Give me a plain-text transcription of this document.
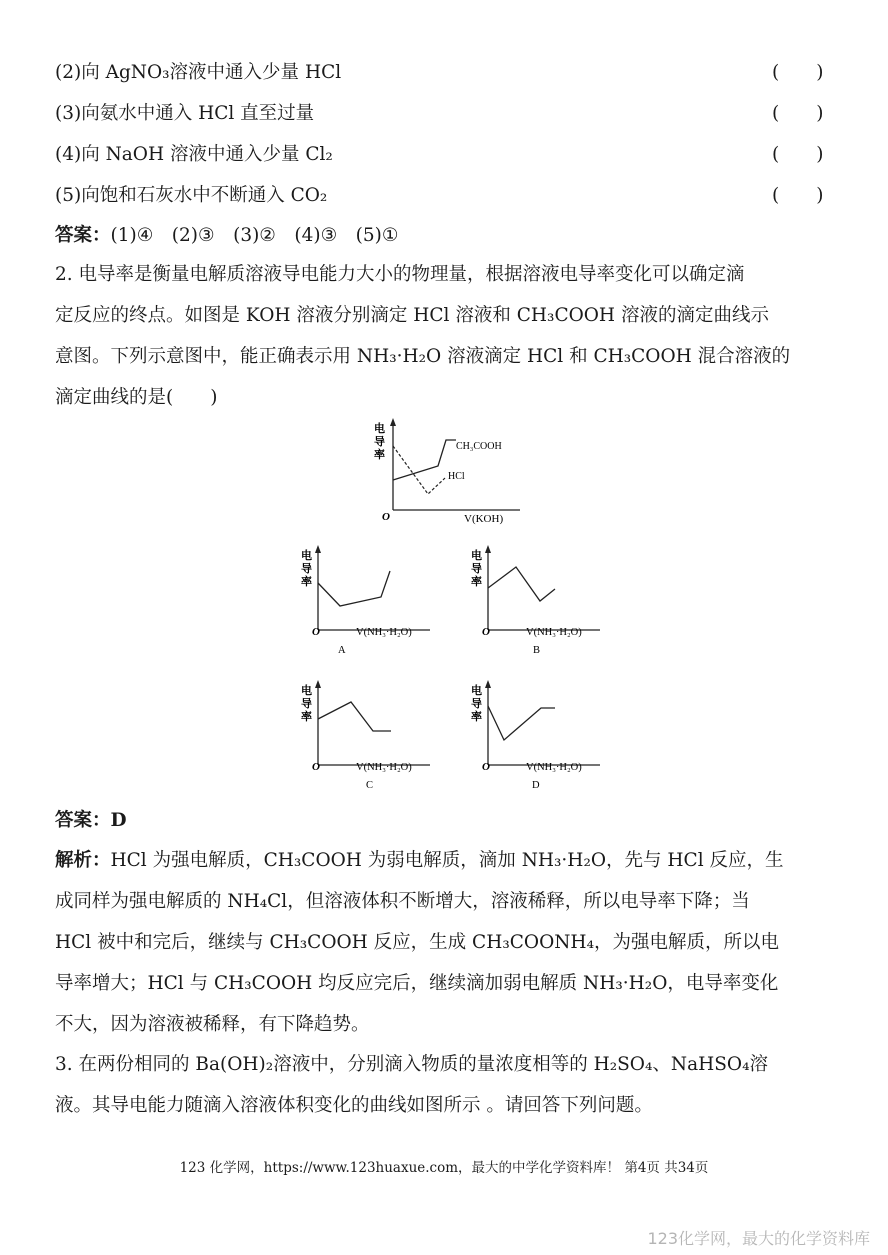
(2)向 AgNO₃溶液中通入少量 HCl	(　　)
(3)向氨水中通入 HCl 直至过量	(　　)
(4)向 NaOH 溶液中通入少量 Cl₂	(　　)
(5)向饱和石灰水中不断通入 CO₂	(　　)
答案：(1)④　(2)③　(3)②　(4)③　(5)①
2. 电导率是衡量电解质溶液导电能力大小的物理量，根据溶液电导率变化可以确定滴
定反应的终点。如图是 KOH 溶液分别滴定 HCl 溶液和 CH₃COOH 溶液的滴定曲线示
意图。下列示意图中，能正确表示用 NH₃·H₂O 溶液滴定 HCl 和 CH₃COOH 混合溶液的
滴定曲线的是(　　)
电
导
率
O	V(KOH)
CH₃COOH
HCl
电
导
率
O	V(NH₃·H₂O)
A
电
导
率
O	V(NH₃·H₂O)
B
电
导
率
O	V(NH₃·H₂O)
C
电
导
率
O	V(NH₃·H₂O)
D
答案：D
解析：HCl 为强电解质，CH₃COOH 为弱电解质，滴加 NH₃·H₂O，先与 HCl 反应，生
成同样为强电解质的 NH₄Cl，但溶液体积不断增大，溶液稀释，所以电导率下降；当
HCl 被中和完后，继续与 CH₃COOH 反应，生成 CH₃COONH₄，为强电解质，所以电
导率增大；HCl 与 CH₃COOH 均反应完后，继续滴加弱电解质 NH₃·H₂O，电导率变化
不大，因为溶液被稀释，有下降趋势。
3. 在两份相同的 Ba(OH)₂溶液中，分别滴入物质的量浓度相等的 H₂SO₄、NaHSO₄溶
液。其导电能力随滴入溶液体积变化的曲线如图所示 。请回答下列问题。
123 化学网，https://www.123huaxue.com，最大的中学化学资料库！ 第4页 共34页
123化学网，最大的化学资料库
